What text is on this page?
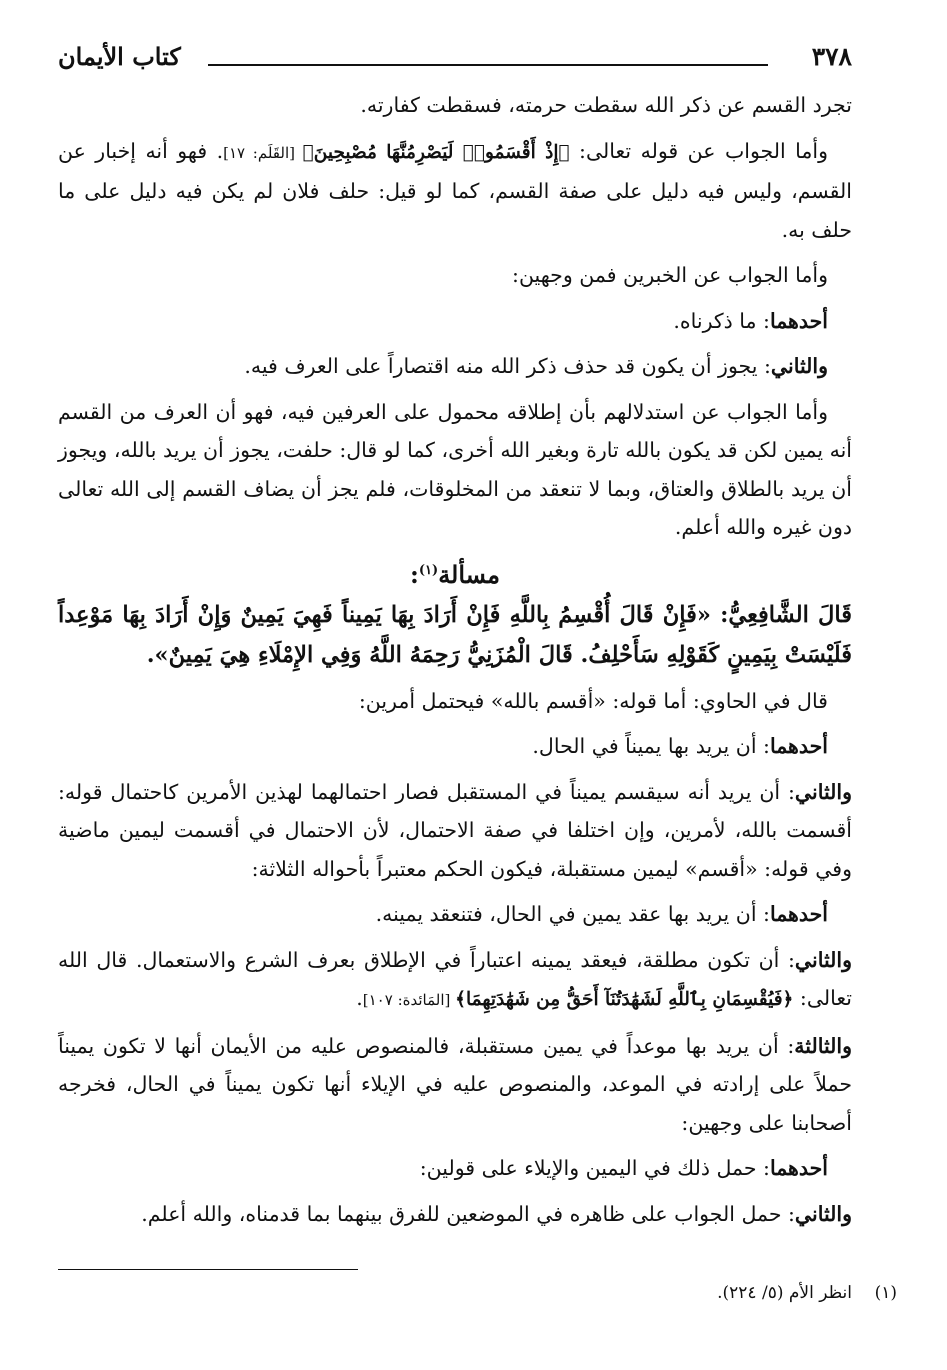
٣٧٨
كتاب الأيمان

تجرد القسم عن ذكر الله سقطت حرمته، فسقطت كفارته.

وأما الجواب عن قوله تعالى: ﴿إِذْ أَقْسَمُوا۟ لَيَصْرِمُنَّهَا مُصْبِحِينَ﴾ [القَلَم: ١٧]. فهو أنه إخبار عن القسم، وليس فيه دليل على صفة القسم، كما لو قيل: حلف فلان لم يكن فيه دليل على ما حلف به.

وأما الجواب عن الخبرين فمن وجهين:

أحدهما: ما ذكرناه.

والثاني: يجوز أن يكون قد حذف ذكر الله منه اقتصاراً على العرف فيه.

وأما الجواب عن استدلالهم بأن إطلاقه محمول على العرفين فيه، فهو أن العرف من القسم أنه يمين لكن قد يكون بالله تارة وبغير الله أخرى، كما لو قال: حلفت، يجوز أن يريد بالله، ويجوز أن يريد بالطلاق والعتاق، وبما لا تنعقد من المخلوقات، فلم يجز أن يضاف القسم إلى الله تعالى دون غيره والله أعلم.

مسألة$^{(١)}$:

قَالَ الشَّافِعِيُّ: «فَإِنْ قَالَ أُقْسِمُ بِاللَّهِ فَإِنْ أَرَادَ بِهَا يَمِيناً فَهِيَ يَمِينٌ وَإِنْ أَرَادَ بِهَا مَوْعِداً فَلَيْسَتْ بِيَمِينٍ كَقَوْلِهِ سَأَحْلِفُ. قَالَ الْمُزَنِيُّ رَحِمَهُ اللَّهُ وَفِي الإِمْلَاءِ هِيَ يَمِينٌ».

قال في الحاوي: أما قوله: «أقسم بالله» فيحتمل أمرين:

أحدهما: أن يريد بها يميناً في الحال.

والثاني: أن يريد أنه سيقسم يميناً في المستقبل فصار احتمالهما لهذين الأمرين كاحتمال قوله: أقسمت بالله، لأمرين، وإن اختلفا في صفة الاحتمال، لأن الاحتمال في أقسمت ليمين ماضية وفي قوله: «أقسم» ليمين مستقبلة، فيكون الحكم معتبراً بأحواله الثلاثة:

أحدهما: أن يريد بها عقد يمين في الحال، فتنعقد يمينه.

والثاني: أن تكون مطلقة، فيعقد يمينه اعتباراً في الإطلاق بعرف الشرع والاستعمال. قال الله تعالى: ﴿فَيُقْسِمَانِ بِٱللَّهِ لَشَهَٰدَتُنَآ أَحَقُّ مِن شَهَٰدَتِهِمَا﴾ [المَائدة: ١٠٧].

والثالثة: أن يريد بها موعداً في يمين مستقبلة، فالمنصوص عليه من الأيمان أنها لا تكون يميناً حملاً على إرادته في الموعد، والمنصوص عليه في الإيلاء أنها تكون يميناً في الحال، فخرجه أصحابنا على وجهين:

أحدهما: حمل ذلك في اليمين والإيلاء على قولين:

والثاني: حمل الجواب على ظاهره في الموضعين للفرق بينهما بما قدمناه، والله أعلم.

(١)
انظر الأم (٥/ ٢٢٤).
